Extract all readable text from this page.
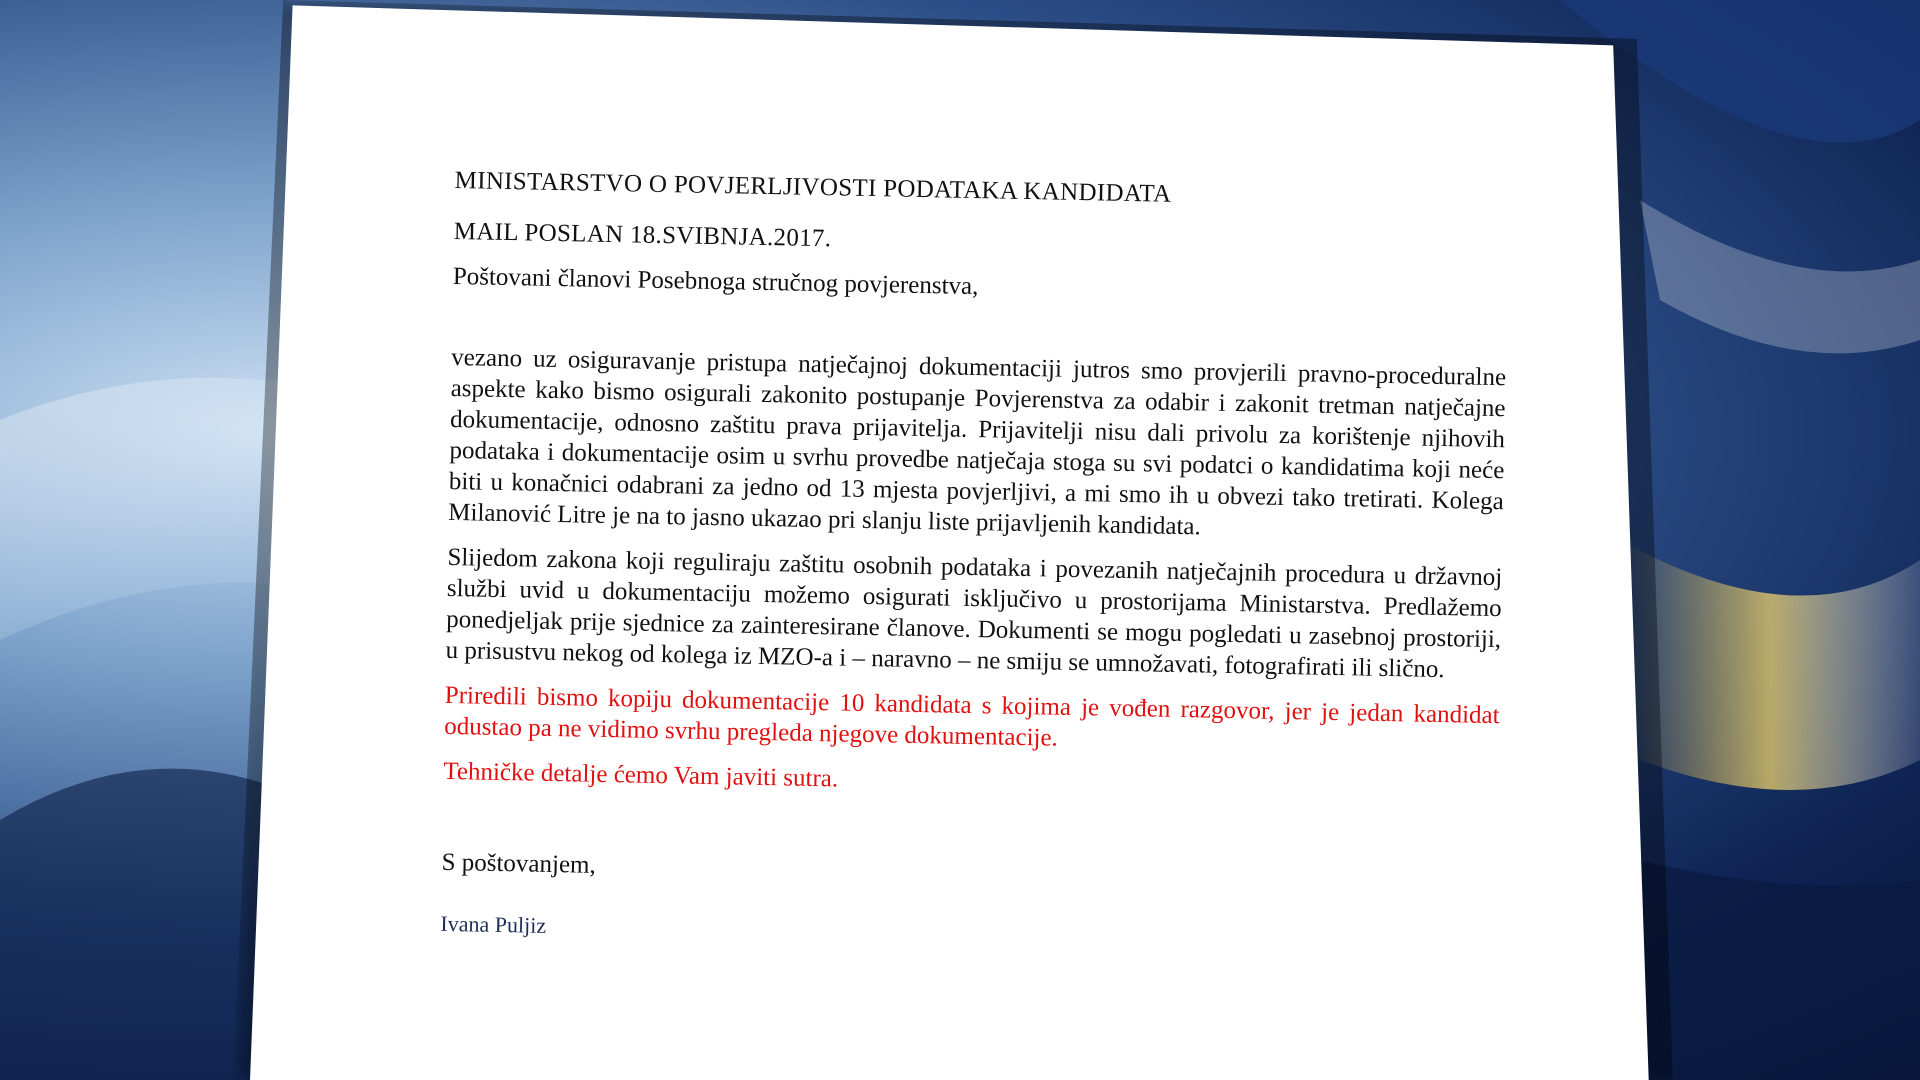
MINISTARSTVO O POVJERLJIVOSTI PODATAKA KANDIDATA

MAIL POSLAN 18.SVIBNJA.2017.

Poštovani članovi Posebnoga stručnog povjerenstva,

vezano uz osiguravanje pristupa natječajnoj dokumentaciji jutros smo provjerili pravno-proceduralne aspekte kako bismo osigurali zakonito postupanje Povjerenstva za odabir i zakonit tretman natječajne dokumentacije, odnosno zaštitu prava prijavitelja. Prijavitelji nisu dali privolu za korištenje njihovih podataka i dokumentacije osim u svrhu provedbe natječaja stoga su svi podatci o kandidatima koji neće biti u konačnici odabrani za jedno od 13 mjesta povjerljivi, a mi smo ih u obvezi tako tretirati. Kolega Milanović Litre je na to jasno ukazao pri slanju liste prijavljenih kandidata.

Slijedom zakona koji reguliraju zaštitu osobnih podataka i povezanih natječajnih procedura u državnoj službi uvid u dokumentaciju možemo osigurati isključivo u prostorijama Ministarstva. Predlažemo ponedjeljak prije sjednice za zainteresirane članove. Dokumenti se mogu pogledati u zasebnoj prostoriji, u prisustvu nekog od kolega iz MZO-a i – naravno – ne smiju se umnožavati, fotografirati ili slično.

Priredili bismo kopiju dokumentacije 10 kandidata s kojima je vođen razgovor, jer je jedan kandidat odustao pa ne vidimo svrhu pregleda njegove dokumentacije.

Tehničke detalje ćemo Vam javiti sutra.

S poštovanjem,

Ivana Puljiz
